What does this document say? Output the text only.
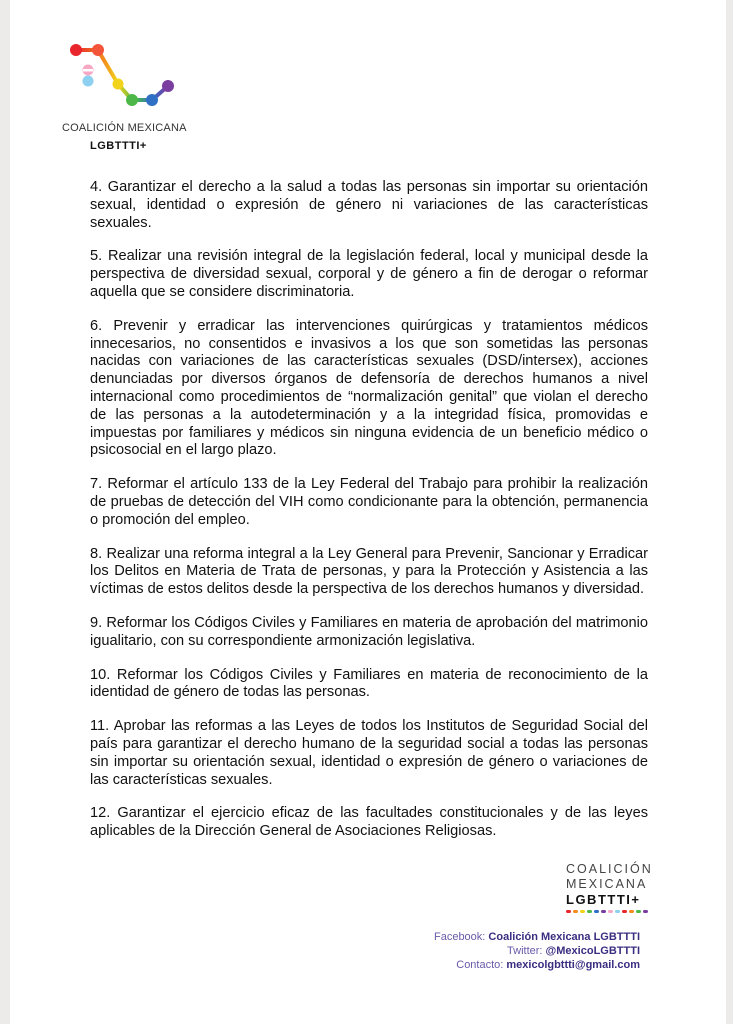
COALICIÓN MEXICANA
LGBTTTI+

4. Garantizar el derecho a la salud a todas las personas sin importar su orientación sexual, identidad o expresión de género ni variaciones de las características sexuales.

5. Realizar una revisión integral de la legislación federal, local y municipal desde la perspectiva de diversidad sexual, corporal y de género a fin de derogar o reformar aquella que se considere discriminatoria.

6. Prevenir y erradicar las intervenciones quirúrgicas y tratamientos médicos innecesarios, no consentidos e invasivos a los que son sometidas las personas nacidas con variaciones de las características sexuales (DSD/intersex), acciones denunciadas por diversos órganos de defensoría de derechos humanos a nivel internacional como procedimientos de “normalización genital” que violan el derecho de las personas a la autodeterminación y a la integridad física, promovidas e impuestas por familiares y médicos sin ninguna evidencia de un beneficio médico o psicosocial en el largo plazo.

7. Reformar el artículo 133 de la Ley Federal del Trabajo para prohibir la realización de pruebas de detección del VIH como condicionante para la obtención, permanencia o promoción del empleo.

8. Realizar una reforma integral a la Ley General para Prevenir, Sancionar y Erradicar los Delitos en Materia de Trata de personas, y para la Protección y Asistencia a las víctimas de estos delitos desde la perspectiva de los derechos humanos y diversidad.

9. Reformar los Códigos Civiles y Familiares en materia de aprobación del matrimonio igualitario, con su correspondiente armonización legislativa.

10. Reformar los Códigos Civiles y Familiares en materia de reconocimiento de la identidad de género de todas las personas.

11. Aprobar las reformas a las Leyes de todos los Institutos de Seguridad Social del país para garantizar el derecho humano de la seguridad social a todas las personas sin importar su orientación sexual, identidad o expresión de género o variaciones de las características sexuales.

12. Garantizar el ejercicio eficaz de las facultades constitucionales y de las leyes aplicables de la Dirección General de Asociaciones Religiosas.

COALICIÓN
MEXICANA
LGBTTTI+
Facebook: Coalición Mexicana LGBTTTI
Twitter: @MexicoLGBTTTI
Contacto: mexicolgbttti@gmail.com
